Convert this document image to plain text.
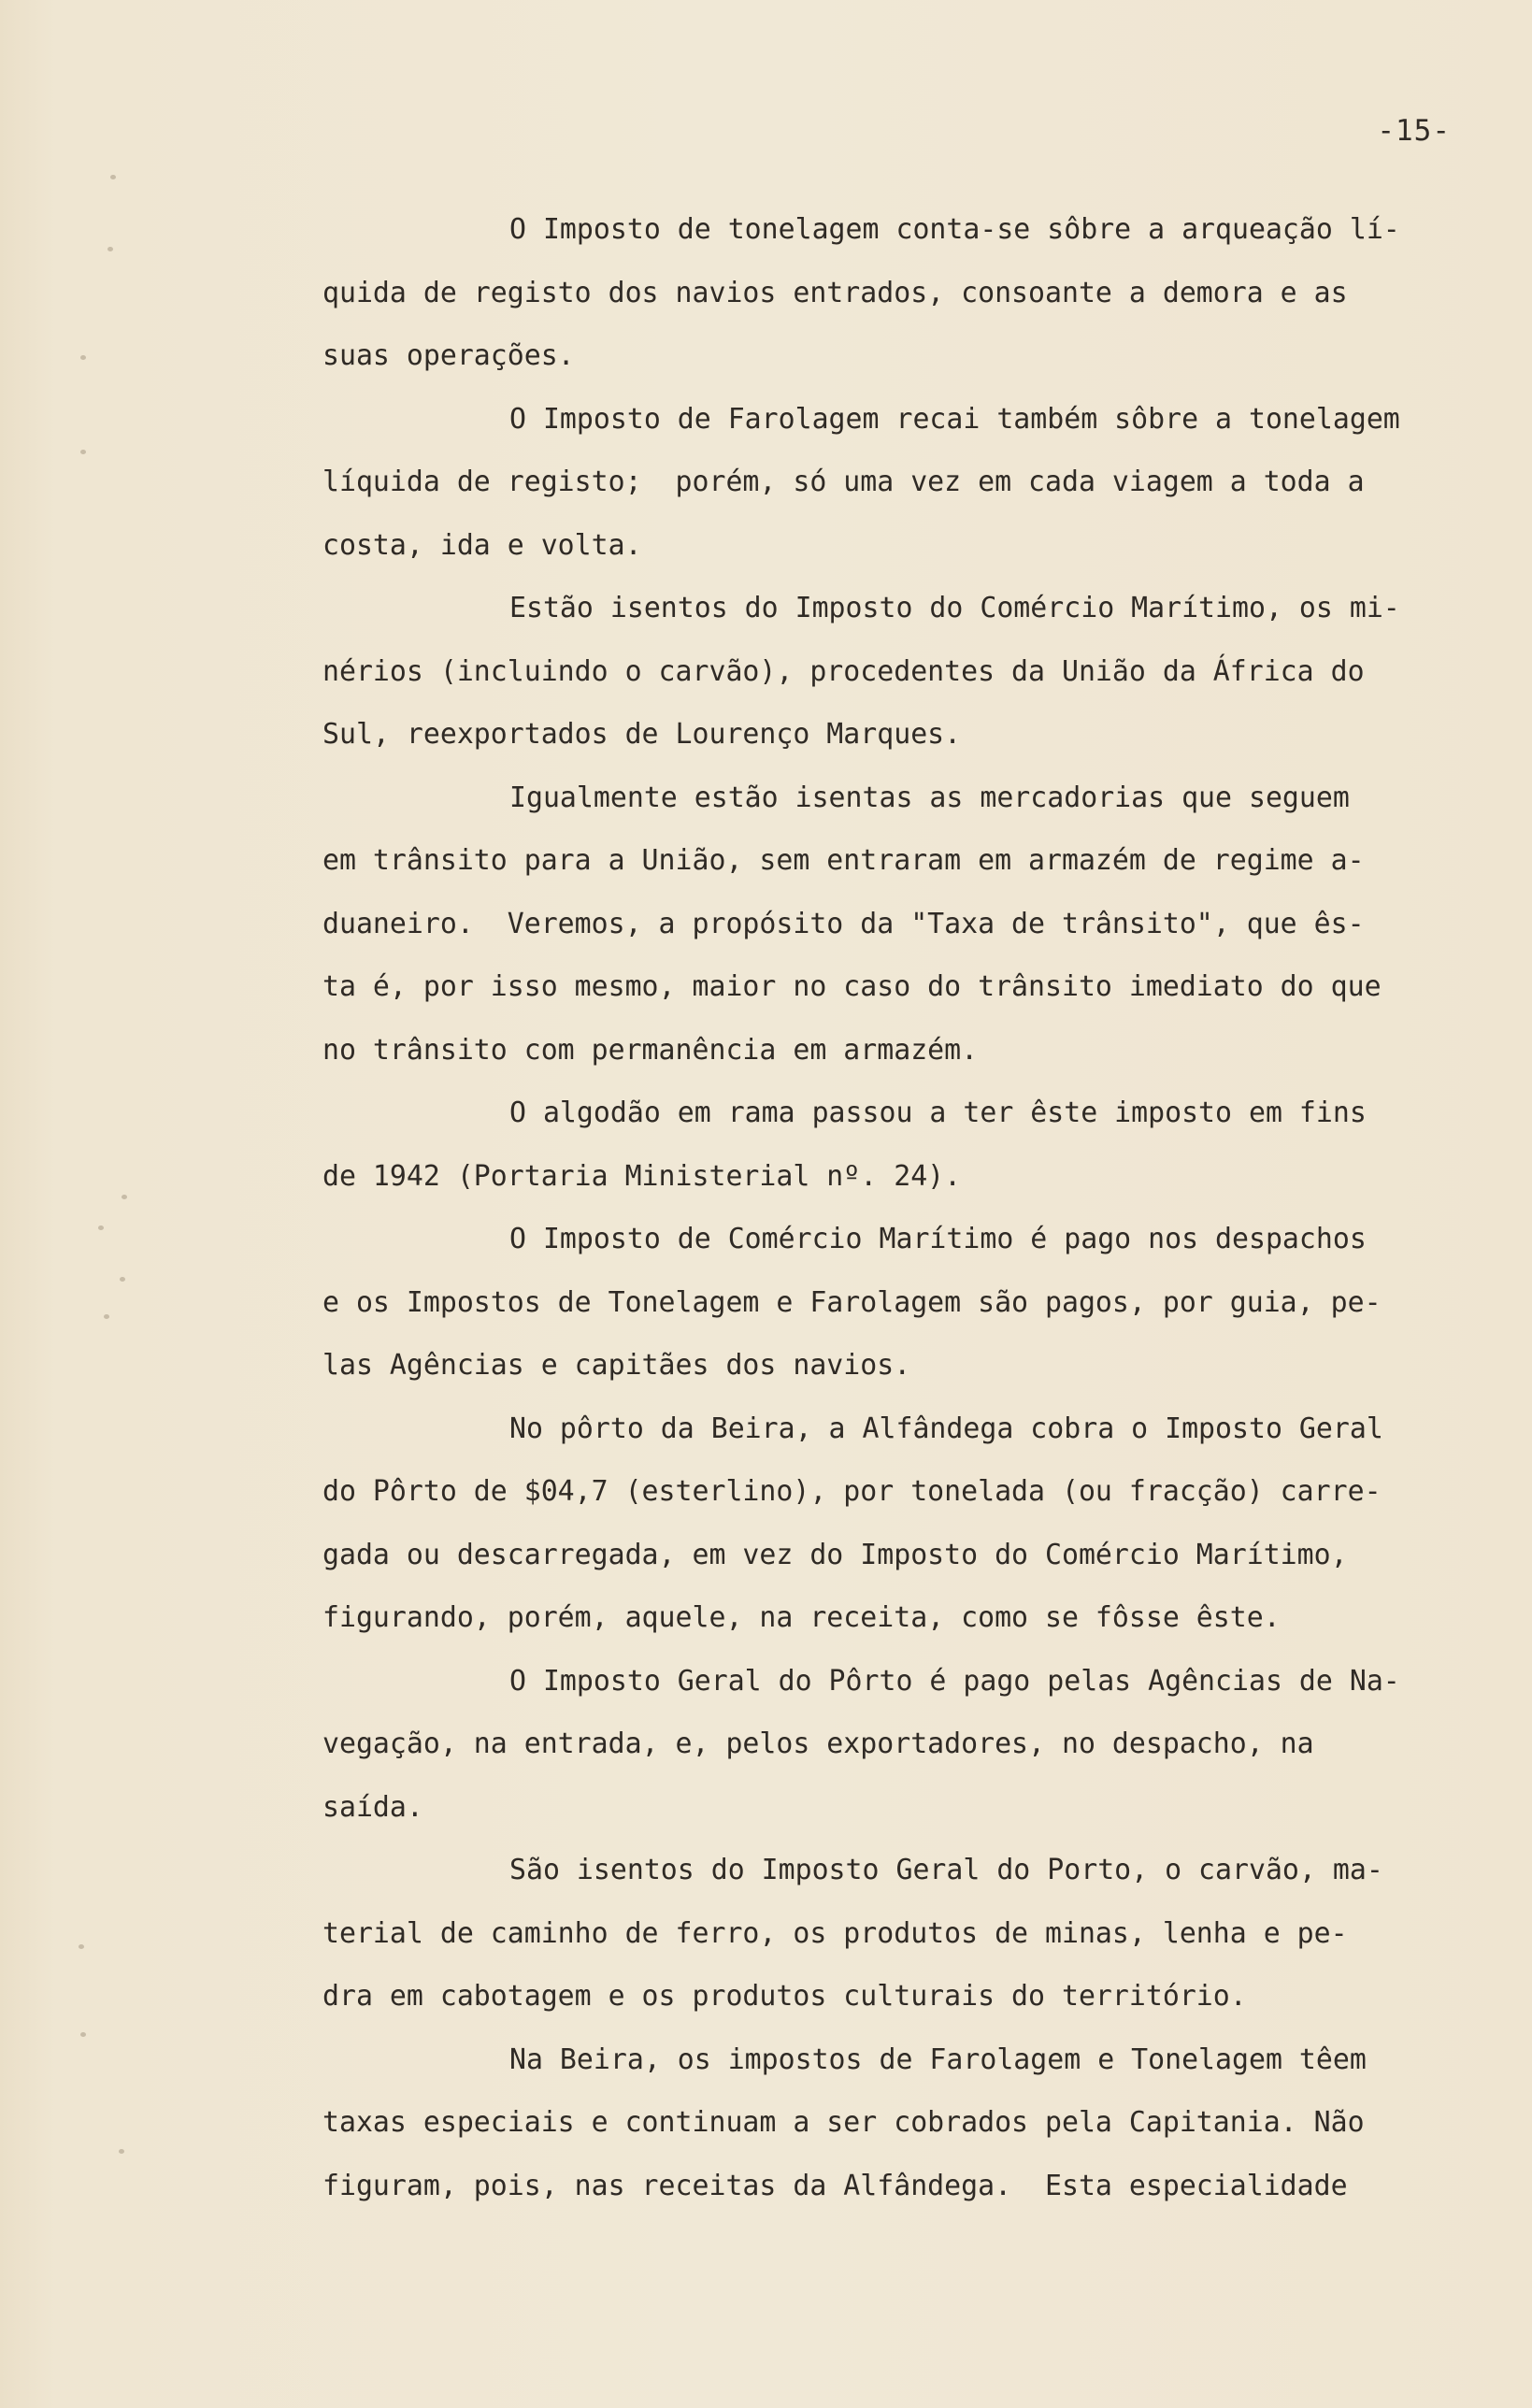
-15-
O Imposto de tonelagem conta-se sôbre a arqueação lí-
quida de registo dos navios entrados, consoante a demora e as
suas operações.
O Imposto de Farolagem recai também sôbre a tonelagem
líquida de registo;  porém, só uma vez em cada viagem a toda a
costa, ida e volta.
Estão isentos do Imposto do Comércio Marítimo, os mi-
nérios (incluindo o carvão), procedentes da União da África do
Sul, reexportados de Lourenço Marques.
Igualmente estão isentas as mercadorias que seguem
em trânsito para a União, sem entraram em armazém de regime a-
duaneiro.  Veremos, a propósito da "Taxa de trânsito", que ês-
ta é, por isso mesmo, maior no caso do trânsito imediato do que
no trânsito com permanência em armazém.
O algodão em rama passou a ter êste imposto em fins
de 1942 (Portaria Ministerial nº. 24).
O Imposto de Comércio Marítimo é pago nos despachos
e os Impostos de Tonelagem e Farolagem são pagos, por guia, pe-
las Agências e capitães dos navios.
No pôrto da Beira, a Alfândega cobra o Imposto Geral
do Pôrto de $04,7 (esterlino), por tonelada (ou fracção) carre-
gada ou descarregada, em vez do Imposto do Comércio Marítimo,
figurando, porém, aquele, na receita, como se fôsse êste.
O Imposto Geral do Pôrto é pago pelas Agências de Na-
vegação, na entrada, e, pelos exportadores, no despacho, na
saída.
São isentos do Imposto Geral do Porto, o carvão, ma-
terial de caminho de ferro, os produtos de minas, lenha e pe-
dra em cabotagem e os produtos culturais do território.
Na Beira, os impostos de Farolagem e Tonelagem têem
taxas especiais e continuam a ser cobrados pela Capitania. Não
figuram, pois, nas receitas da Alfândega.  Esta especialidade
